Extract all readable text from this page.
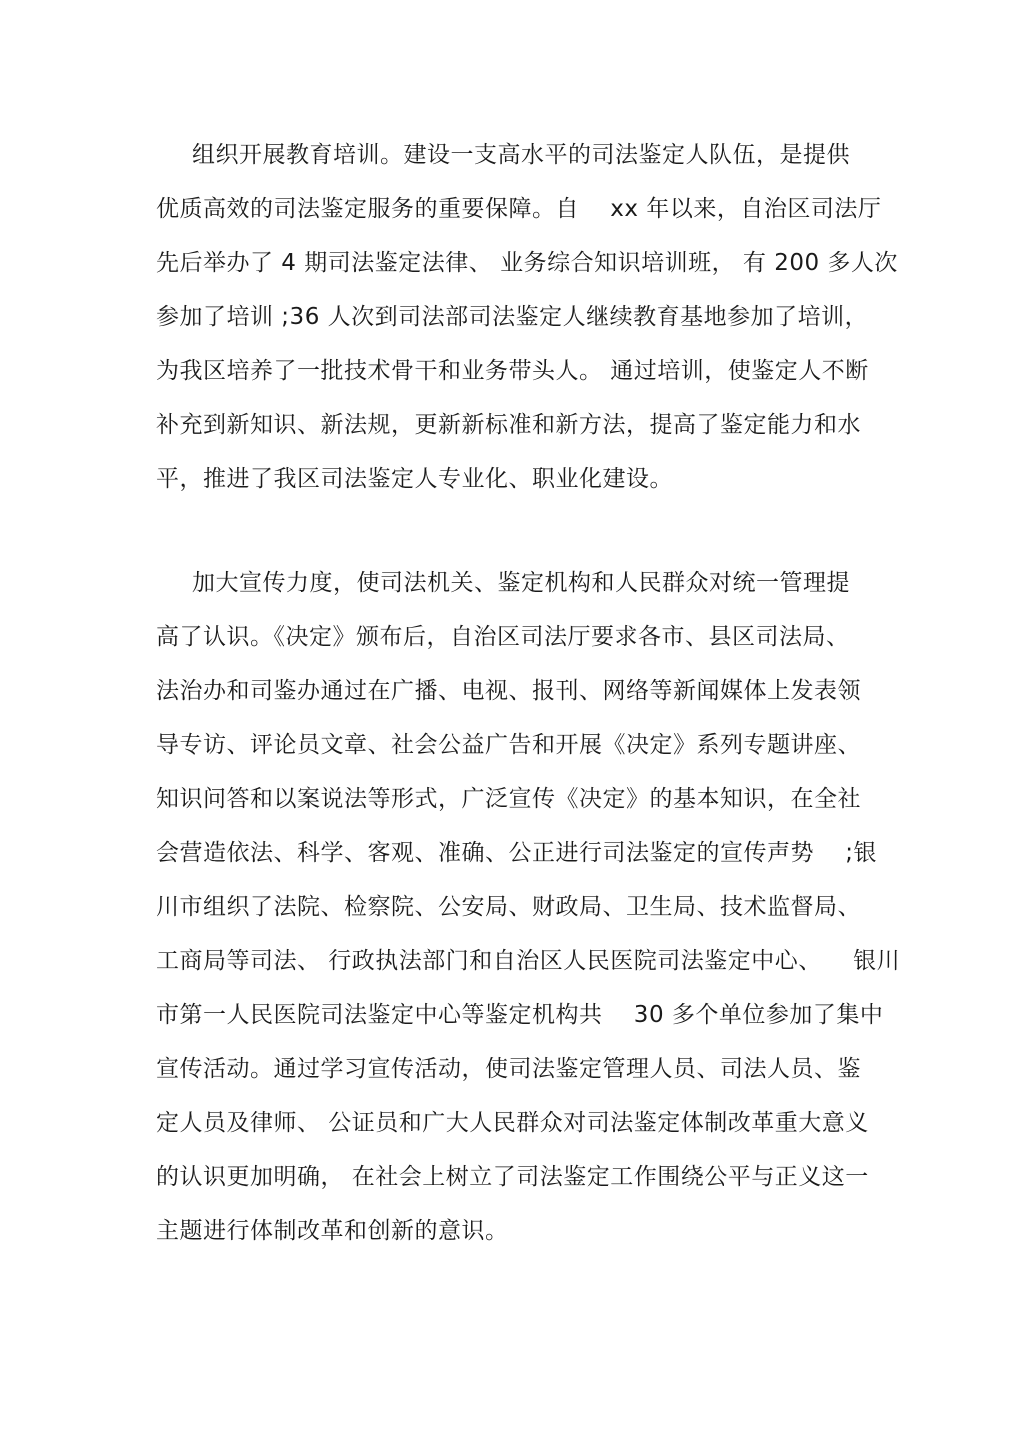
组织开展教育培训。建设一支高水平的司法鉴定人队伍，是提供
优质高效的司法鉴定服务的重要保障。自 　xx 年以来，自治区司法厅
先后举办了 4 期司法鉴定法律、 业务综合知识培训班， 有 200 多人次
参加了培训 ;36 人次到司法部司法鉴定人继续教育基地参加了培训，
为我区培养了一批技术骨干和业务带头人。 通过培训，使鉴定人不断
补充到新知识、新法规，更新新标准和新方法，提高了鉴定能力和水
平，推进了我区司法鉴定人专业化、职业化建设。
加大宣传力度，使司法机关、鉴定机构和人民群众对统一管理提
高了认识。《决定》颁布后，自治区司法厅要求各市、县区司法局、
法治办和司鉴办通过在广播、电视、报刊、网络等新闻媒体上发表领
导专访、评论员文章、社会公益广告和开展《决定》系列专题讲座、
知识问答和以案说法等形式，广泛宣传《决定》的基本知识，在全社
会营造依法、科学、客观、准确、公正进行司法鉴定的宣传声势 　;银
川市组织了法院、检察院、公安局、财政局、卫生局、技术监督局、
工商局等司法、 行政执法部门和自治区人民医院司法鉴定中心、 　银川
市第一人民医院司法鉴定中心等鉴定机构共 　30 多个单位参加了集中
宣传活动。通过学习宣传活动，使司法鉴定管理人员、司法人员、鉴
定人员及律师、 公证员和广大人民群众对司法鉴定体制改革重大意义
的认识更加明确， 在社会上树立了司法鉴定工作围绕公平与正义这一
主题进行体制改革和创新的意识。
